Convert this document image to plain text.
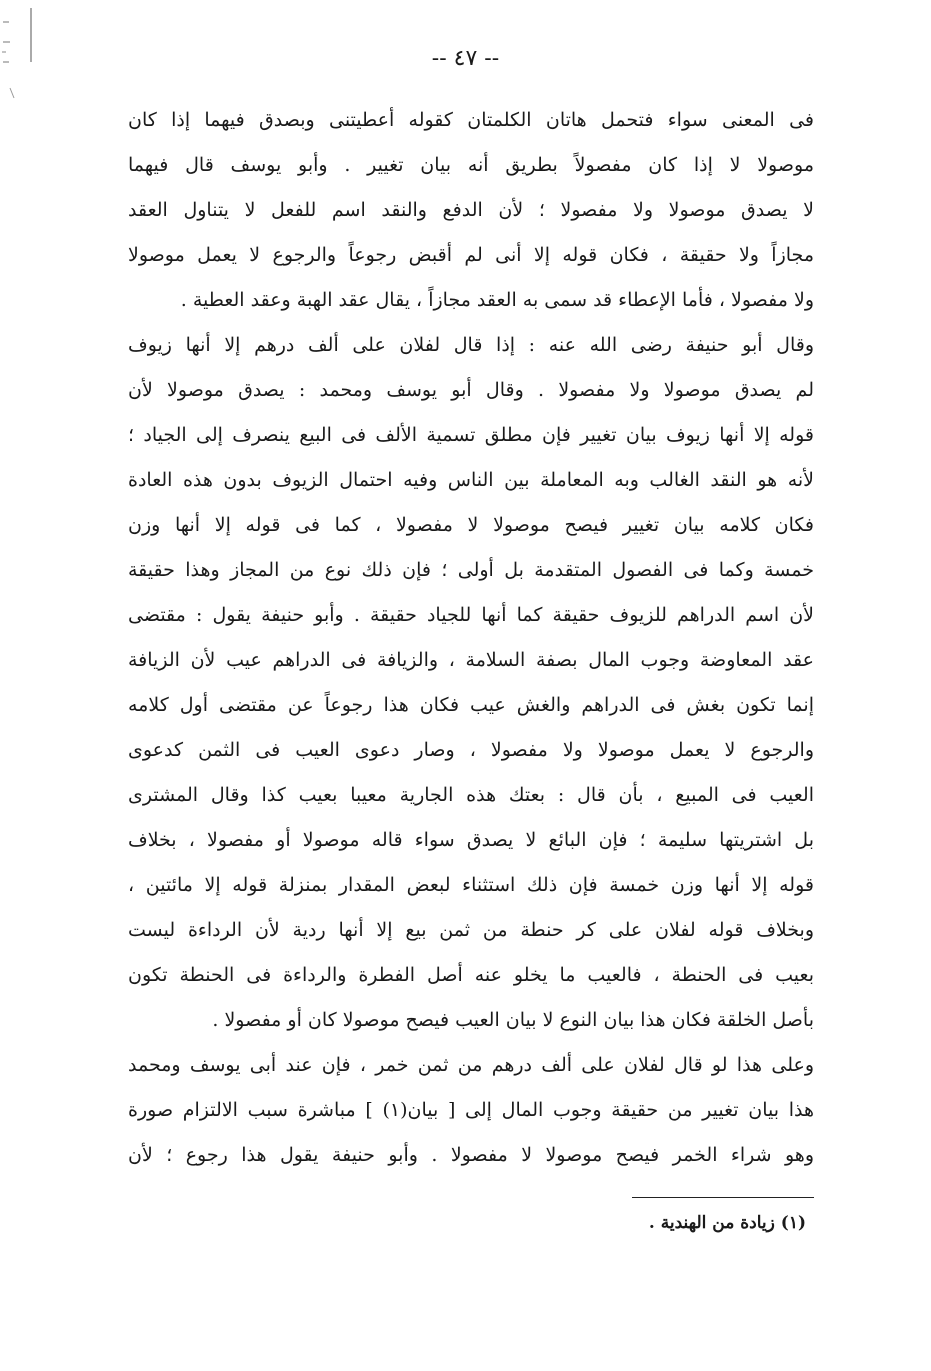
-- ٤٧ --
فى المعنى سواء فتحمل هاتان الكلمتان كقوله أعطيتنى وبصدق فيهما إذا كان
موصولا لا إذا كان مفصولاً بطريق أنه بيان تغيير . وأبو يوسف قال فيهما
لا يصدق موصولا ولا مفصولا ؛ لأن الدفع والنقد اسم للفعل لا يتناول العقد
مجازاً ولا حقيقة ، فكان قوله إلا أنى لم أقبض رجوعاً والرجوع لا يعمل موصولا
ولا مفصولا ، فأما الإعطاء قد سمى به العقد مجازاً ، يقال عقد الهبة وعقد العطية .
وقال أبو حنيفة رضى الله عنه : إذا قال لفلان على ألف درهم إلا أنها زيوف
لم يصدق موصولا ولا مفصولا . وقال أبو يوسف ومحمد : يصدق موصولا لأن
قوله إلا أنها زيوف بيان تغيير فإن مطلق تسمية الألف فى البيع ينصرف إلى الجياد ؛
لأنه هو النقد الغالب وبه المعاملة بين الناس وفيه احتمال الزيوف بدون هذه العادة
فكان كلامه بيان تغيير فيصح موصولا لا مفصولا ، كما فى قوله إلا أنها وزن
خمسة وكما فى الفصول المتقدمة بل أولى ؛ فإن ذلك نوع من المجاز وهذا حقيقة
لأن اسم الدراهم للزيوف حقيقة كما أنها للجياد حقيقة . وأبو حنيفة يقول : مقتضى
عقد المعاوضة وجوب المال بصفة السلامة ، والزيافة فى الدراهم عيب لأن الزيافة
إنما تكون بغش فى الدراهم والغش عيب فكان هذا رجوعاً عن مقتضى أول كلامه
والرجوع لا يعمل موصولا ولا مفصولا ، وصار دعوى العيب فى الثمن كدعوى
العيب فى المبيع ، بأن قال : بعتك هذه الجارية معيبا بعيب كذا وقال المشترى
بل اشتريتها سليمة ؛ فإن البائع لا يصدق سواء قاله موصولا أو مفصولا ، بخلاف
قوله إلا أنها وزن خمسة فإن ذلك استثناء لبعض المقدار بمنزلة قوله إلا مائتين ،
وبخلاف قوله لفلان على كر حنطة من ثمن بيع إلا أنها ردية لأن الرداءة ليست
بعيب فى الحنطة ، فالعيب ما يخلو عنه أصل الفطرة والرداءة فى الحنطة تكون
بأصل الخلقة فكان هذا بيان النوع لا بيان العيب فيصح موصولا كان أو مفصولا .
وعلى هذا لو قال لفلان على ألف درهم من ثمن خمر ، فإن عند أبى يوسف ومحمد
هذا بيان تغيير من حقيقة وجوب المال إلى [ بيان(١) ] مباشرة سبب الالتزام صورة
وهو شراء الخمر فيصح موصولا لا مفصولا . وأبو حنيفة يقول هذا رجوع ؛ لأن
(١) زيادة من الهندية .
